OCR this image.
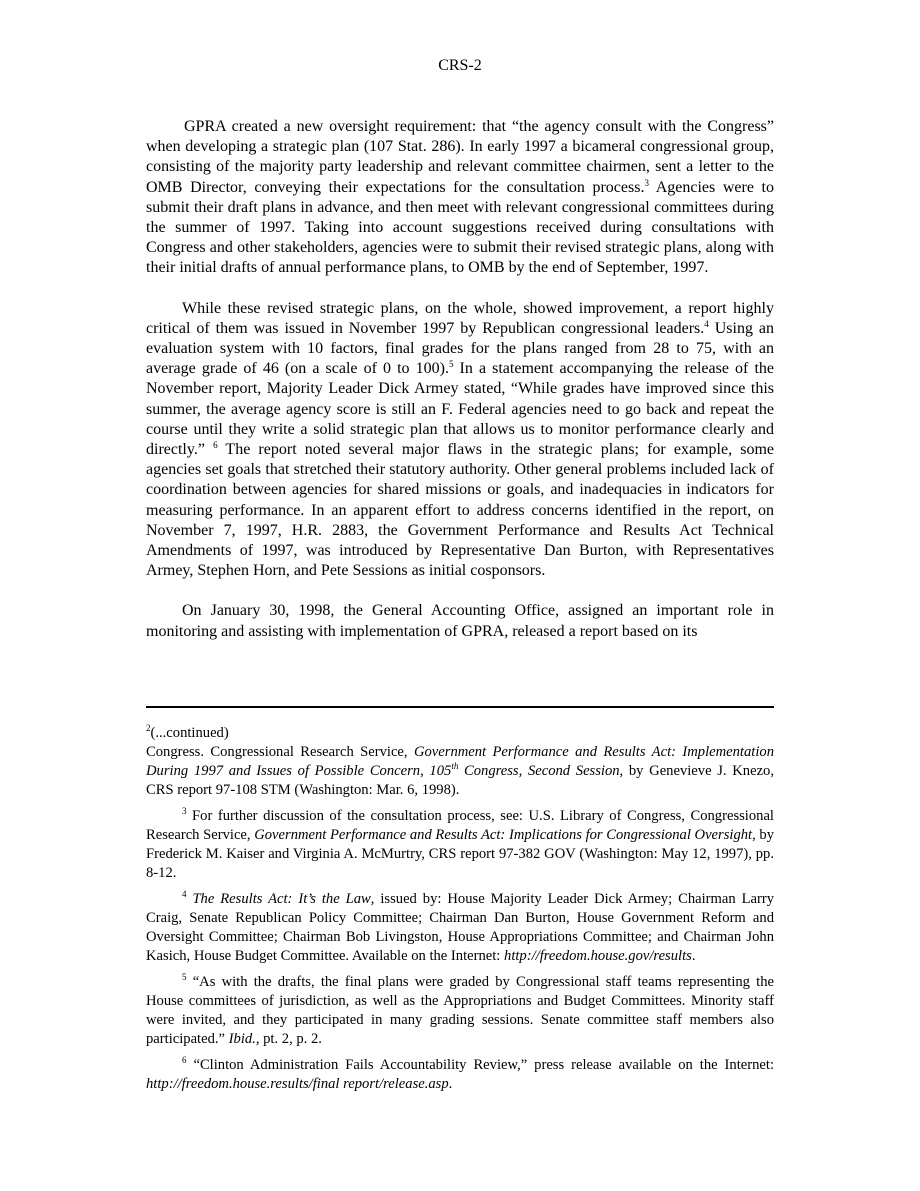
CRS-2

GPRA created a new oversight requirement: that “the agency consult with the Congress” when developing a strategic plan (107 Stat. 286). In early 1997 a bicameral congressional group, consisting of the majority party leadership and relevant committee chairmen, sent a letter to the OMB Director, conveying their expectations for the consultation process.$^3$ Agencies were to submit their draft plans in advance, and then meet with relevant congressional committees during the summer of 1997. Taking into account suggestions received during consultations with Congress and other stakeholders, agencies were to submit their revised strategic plans, along with their initial drafts of annual performance plans, to OMB by the end of September, 1997.

While these revised strategic plans, on the whole, showed improvement, a report highly critical of them was issued in November 1997 by Republican congressional leaders.$^4$ Using an evaluation system with 10 factors, final grades for the plans ranged from 28 to 75, with an average grade of 46 (on a scale of 0 to 100).$^5$ In a statement accompanying the release of the November report, Majority Leader Dick Armey stated, “While grades have improved since this summer, the average agency score is still an F. Federal agencies need to go back and repeat the course until they write a solid strategic plan that allows us to monitor performance clearly and directly.” $^6$ The report noted several major flaws in the strategic plans; for example, some agencies set goals that stretched their statutory authority. Other general problems included lack of coordination between agencies for shared missions or goals, and inadequacies in indicators for measuring performance. In an apparent effort to address concerns identified in the report, on November 7, 1997, H.R. 2883, the Government Performance and Results Act Technical Amendments of 1997, was introduced by Representative Dan Burton, with Representatives Armey, Stephen Horn, and Pete Sessions as initial cosponsors.

On January 30, 1998, the General Accounting Office, assigned an important role in monitoring and assisting with implementation of GPRA, released a report based on its

$^2$(...continued)
Congress. Congressional Research Service, Government Performance and Results Act: Implementation During 1997 and Issues of Possible Concern, 105th Congress, Second Session, by Genevieve J. Knezo, CRS report 97-108 STM (Washington: Mar. 6, 1998).
$^3$ For further discussion of the consultation process, see: U.S. Library of Congress, Congressional Research Service, Government Performance and Results Act: Implications for Congressional Oversight, by Frederick M. Kaiser and Virginia A. McMurtry, CRS report 97-382 GOV (Washington: May 12, 1997), pp. 8-12.
$^4$ The Results Act: It’s the Law, issued by: House Majority Leader Dick Armey; Chairman Larry Craig, Senate Republican Policy Committee; Chairman Dan Burton, House Government Reform and Oversight Committee; Chairman Bob Livingston, House Appropriations Committee; and Chairman John Kasich, House Budget Committee. Available on the Internet: http://freedom.house.gov/results.
$^5$ “As with the drafts, the final plans were graded by Congressional staff teams representing the House committees of jurisdiction, as well as the Appropriations and Budget Committees. Minority staff were invited, and they participated in many grading sessions. Senate committee staff members also participated.” Ibid., pt. 2, p. 2.
$^6$ “Clinton Administration Fails Accountability Review,” press release available on the Internet: http://freedom.house.results/final report/release.asp.
